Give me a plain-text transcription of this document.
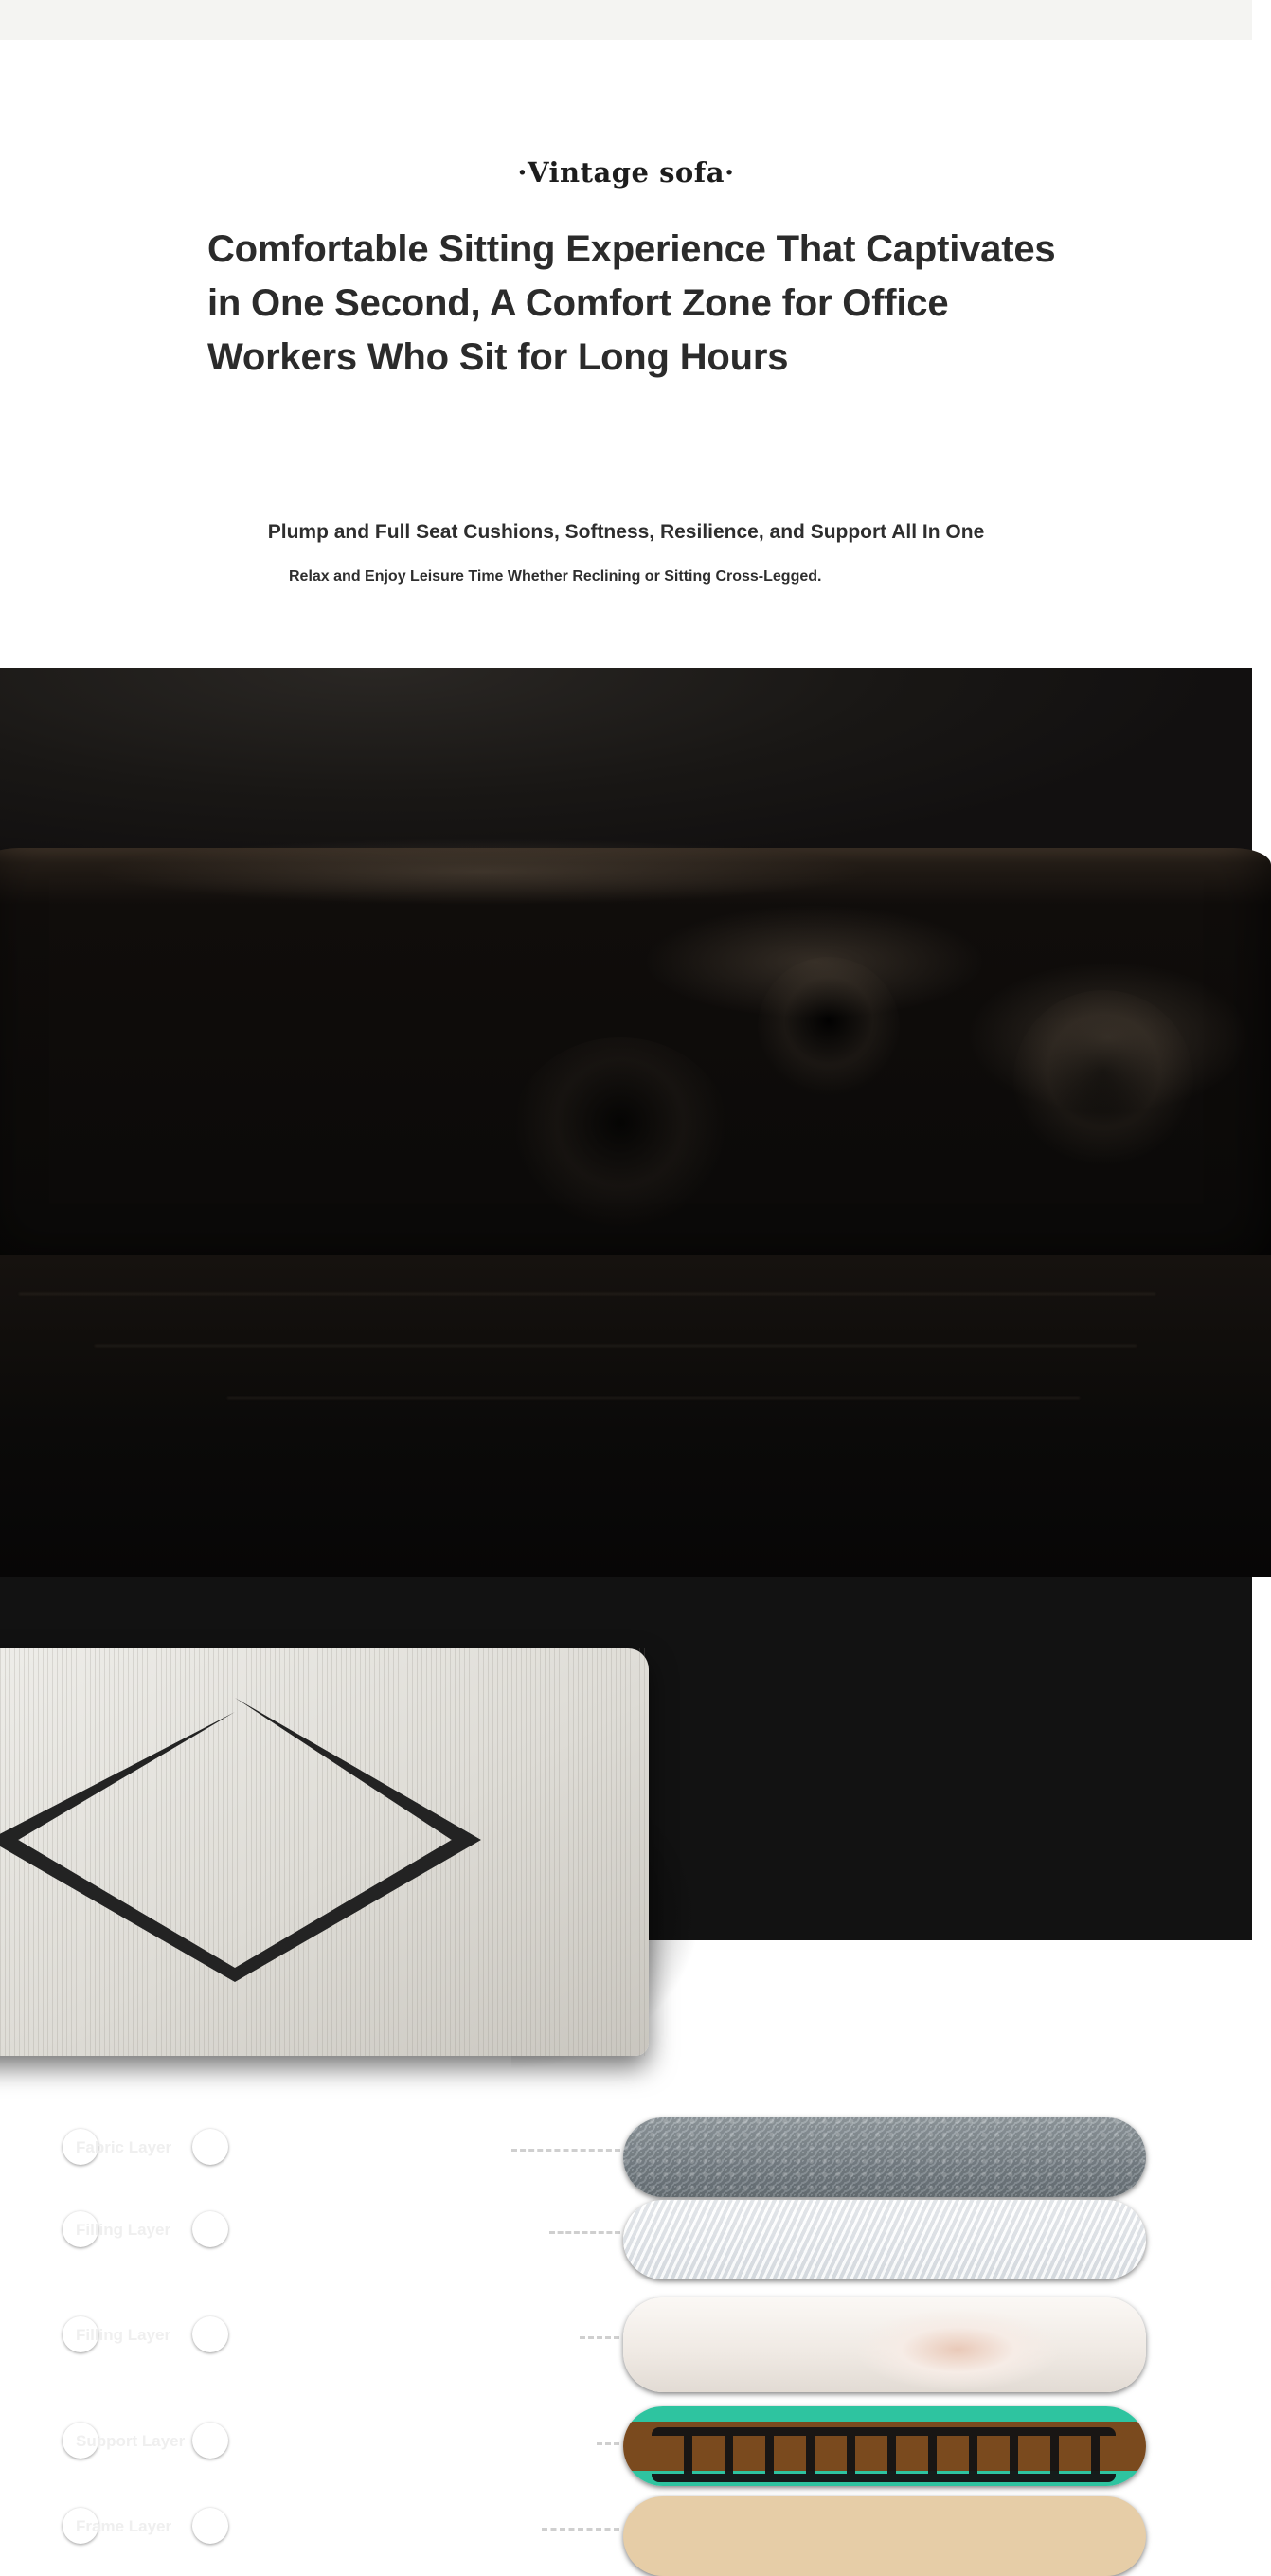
·Vintage sofa·
Comfortable Sitting Experience That Captivates in One Second, A Comfort Zone for Office Workers Who Sit for Long Hours
Plump and Full Seat Cushions, Softness, Resilience, and Support All In One
Relax and Enjoy Leisure Time Whether Reclining or Sitting Cross-Legged.
Fabric Layer	Oil Wax Eco-Friendly Leather---
Filling Layer	Soft Silk Cotton----------
Filling Layer	Original Resilient Sponge-----
Support Layer	S-Shaped Springs + High Elastic Band-
Frame Layer	Pine Solid Wood Frame----
